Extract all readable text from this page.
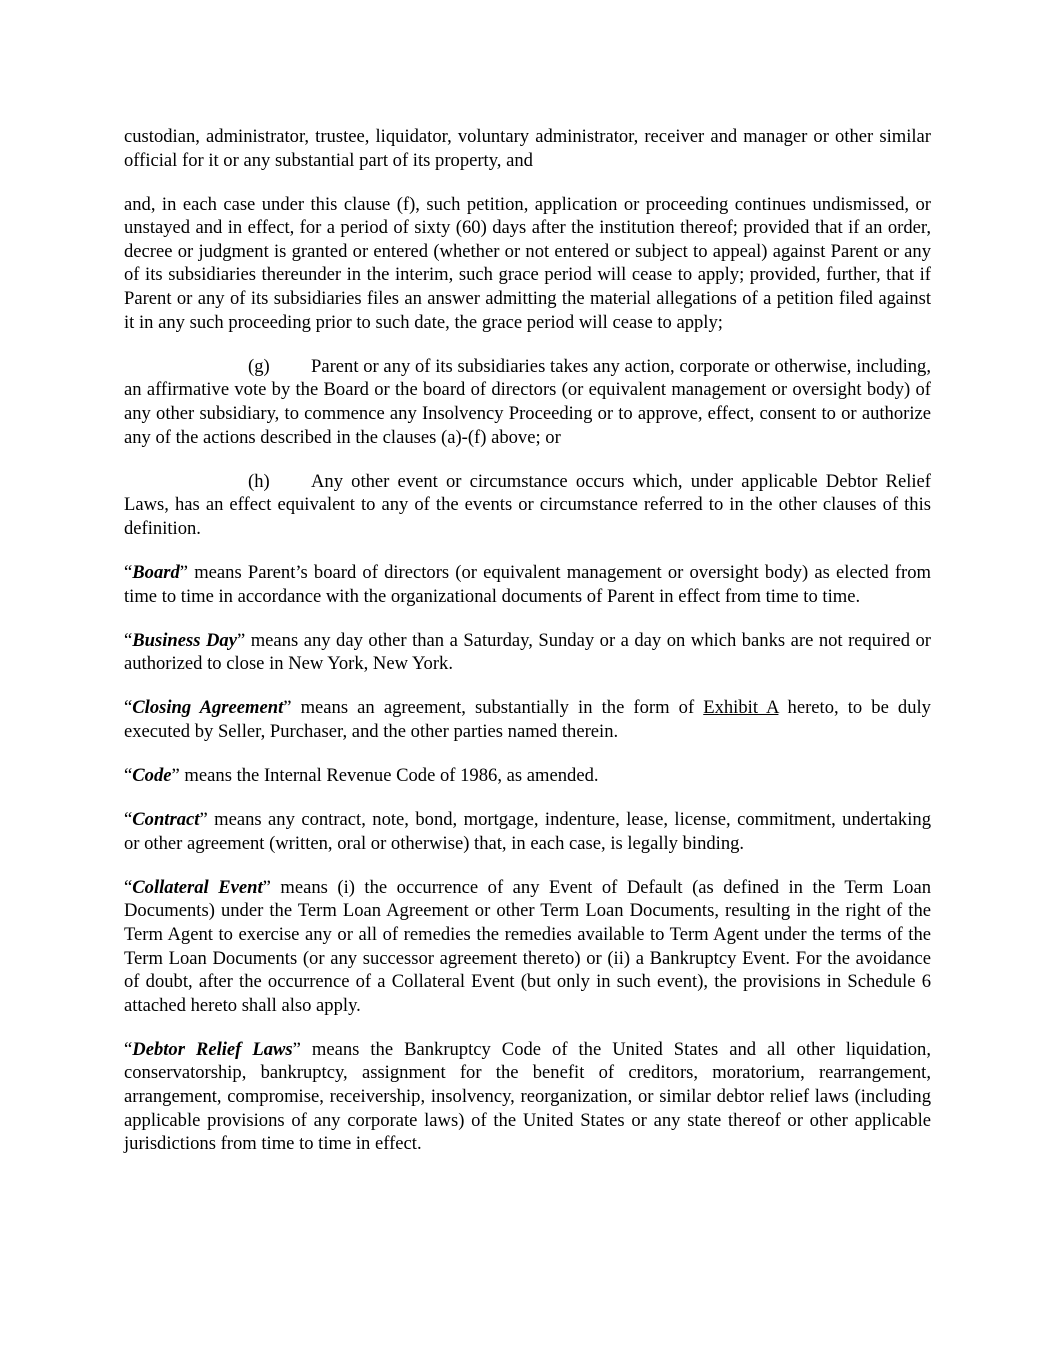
custodian, administrator, trustee, liquidator, voluntary administrator, receiver and manager or other similar official for it or any substantial part of its property, and

and, in each case under this clause (f), such petition, application or proceeding continues undismissed, or unstayed and in effect, for a period of sixty (60) days after the institution thereof; provided that if an order, decree or judgment is granted or entered (whether or not entered or subject to appeal) against Parent or any of its subsidiaries thereunder in the interim, such grace period will cease to apply; provided, further, that if Parent or any of its subsidiaries files an answer admitting the material allegations of a petition filed against it in any such proceeding prior to such date, the grace period will cease to apply;

(g) Parent or any of its subsidiaries takes any action, corporate or otherwise, including, an affirmative vote by the Board or the board of directors (or equivalent management or oversight body) of any other subsidiary, to commence any Insolvency Proceeding or to approve, effect, consent to or authorize any of the actions described in the clauses (a)-(f) above; or

(h) Any other event or circumstance occurs which, under applicable Debtor Relief Laws, has an effect equivalent to any of the events or circumstance referred to in the other clauses of this definition.

“Board” means Parent’s board of directors (or equivalent management or oversight body) as elected from time to time in accordance with the organizational documents of Parent in effect from time to time.

“Business Day” means any day other than a Saturday, Sunday or a day on which banks are not required or authorized to close in New York, New York.

“Closing Agreement” means an agreement, substantially in the form of Exhibit A hereto, to be duly executed by Seller, Purchaser, and the other parties named therein.

“Code” means the Internal Revenue Code of 1986, as amended.

“Contract” means any contract, note, bond, mortgage, indenture, lease, license, commitment, undertaking or other agreement (written, oral or otherwise) that, in each case, is legally binding.

“Collateral Event” means (i) the occurrence of any Event of Default (as defined in the Term Loan Documents) under the Term Loan Agreement or other Term Loan Documents, resulting in the right of the Term Agent to exercise any or all of remedies the remedies available to Term Agent under the terms of the Term Loan Documents (or any successor agreement thereto) or (ii) a Bankruptcy Event. For the avoidance of doubt, after the occurrence of a Collateral Event (but only in such event), the provisions in Schedule 6 attached hereto shall also apply.

“Debtor Relief Laws” means the Bankruptcy Code of the United States and all other liquidation, conservatorship, bankruptcy, assignment for the benefit of creditors, moratorium, rearrangement, arrangement, compromise, receivership, insolvency, reorganization, or similar debtor relief laws (including applicable provisions of any corporate laws) of the United States or any state thereof or other applicable jurisdictions from time to time in effect.
